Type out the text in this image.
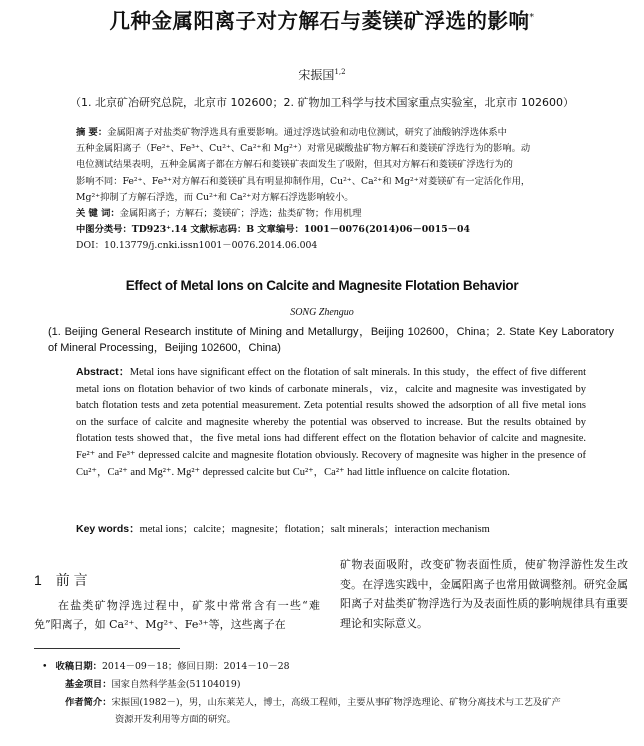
几种金属阳离子对方解石与菱镁矿浮选的影响*
宋振国$^{1,2}$
（1. 北京矿冶研究总院，北京市 102600；2. 矿物加工科学与技术国家重点实验室，北京市 102600）

摘 要：金属阳离子对盐类矿物浮选具有重要影响。通过浮选试验和动电位测试，研究了油酸钠浮选体系中

五种金属阳离子（Fe²⁺、Fe³⁺、Cu²⁺、Ca²⁺和 Mg²⁺）对常见碳酸盐矿物方解石和菱镁矿浮选行为的影响。动

电位测试结果表明，五种金属离子都在方解石和菱镁矿表面发生了吸附，但其对方解石和菱镁矿浮选行为的

影响不同：Fe²⁺、Fe³⁺对方解石和菱镁矿具有明显抑制作用，Cu²⁺、Ca²⁺和 Mg²⁺对菱镁矿有一定活化作用，

Mg²⁺抑制了方解石浮选，而 Cu²⁺和 Ca²⁺对方解石浮选影响较小。

关 键 词：金属阳离子；方解石；菱镁矿；浮选；盐类矿物；作用机理

中图分类号：TD923⁺.14 文献标志码：B 文章编号：1001－0076(2014)06－0015－04

DOI：10.13779/j.cnki.issn1001－0076.2014.06.004

Effect of Metal Ions on Calcite and Magnesite Flotation Behavior
SONG Zhenguo
(1. Beijing General Research institute of Mining and Metallurgy，Beijing 102600，China；2. State Key Laboratory of Mineral Processing，Beijing 102600，China)

Abstract：Metal ions have significant effect on the flotation of salt minerals. In this study，the effect of five different metal ions on flotation behavior of two kinds of carbonate minerals，viz，calcite and magnesite was investigated by batch flotation tests and zeta potential measurement. Zeta potential results showed the adsorption of all five metal ions on the surface of calcite and magnesite whereby the potential was observed to increase. But the results obtained by flotation tests showed that，the five metal ions had different effect on the flotation behavior of calcite and magnesite. Fe²⁺ and Fe³⁺ depressed calcite and magnesite flotation obviously. Recovery of magnesite was higher in the presence of Cu²⁺，Ca²⁺ and Mg²⁺. Mg²⁺ depressed calcite but Cu²⁺，Ca²⁺ had little influence on calcite flotation.

Key words：metal ions；calcite；magnesite；flotation；salt minerals；interaction mechanism
1 前 言

在盐类矿物浮选过程中，矿浆中常常含有一些“难免”阳离子，如 Ca²⁺、Mg²⁺、Fe³⁺等，这些离子在

矿物表面吸附，改变矿物表面性质，使矿物浮游性发生改变。在浮选实践中，金属阳离子也常用做调整剂。研究金属阳离子对盐类矿物浮选行为及表面性质的影响规律具有重要理论和实际意义。

• 收稿日期：2014－09－18；修回日期：2014－10－28
基金项目：国家自然科学基金(51104019)
作者简介：宋振国(1982－)，男，山东莱芜人，博士，高级工程师，主要从事矿物浮选理论、矿物分离技术与工艺及矿产
资源开发利用等方面的研究。
